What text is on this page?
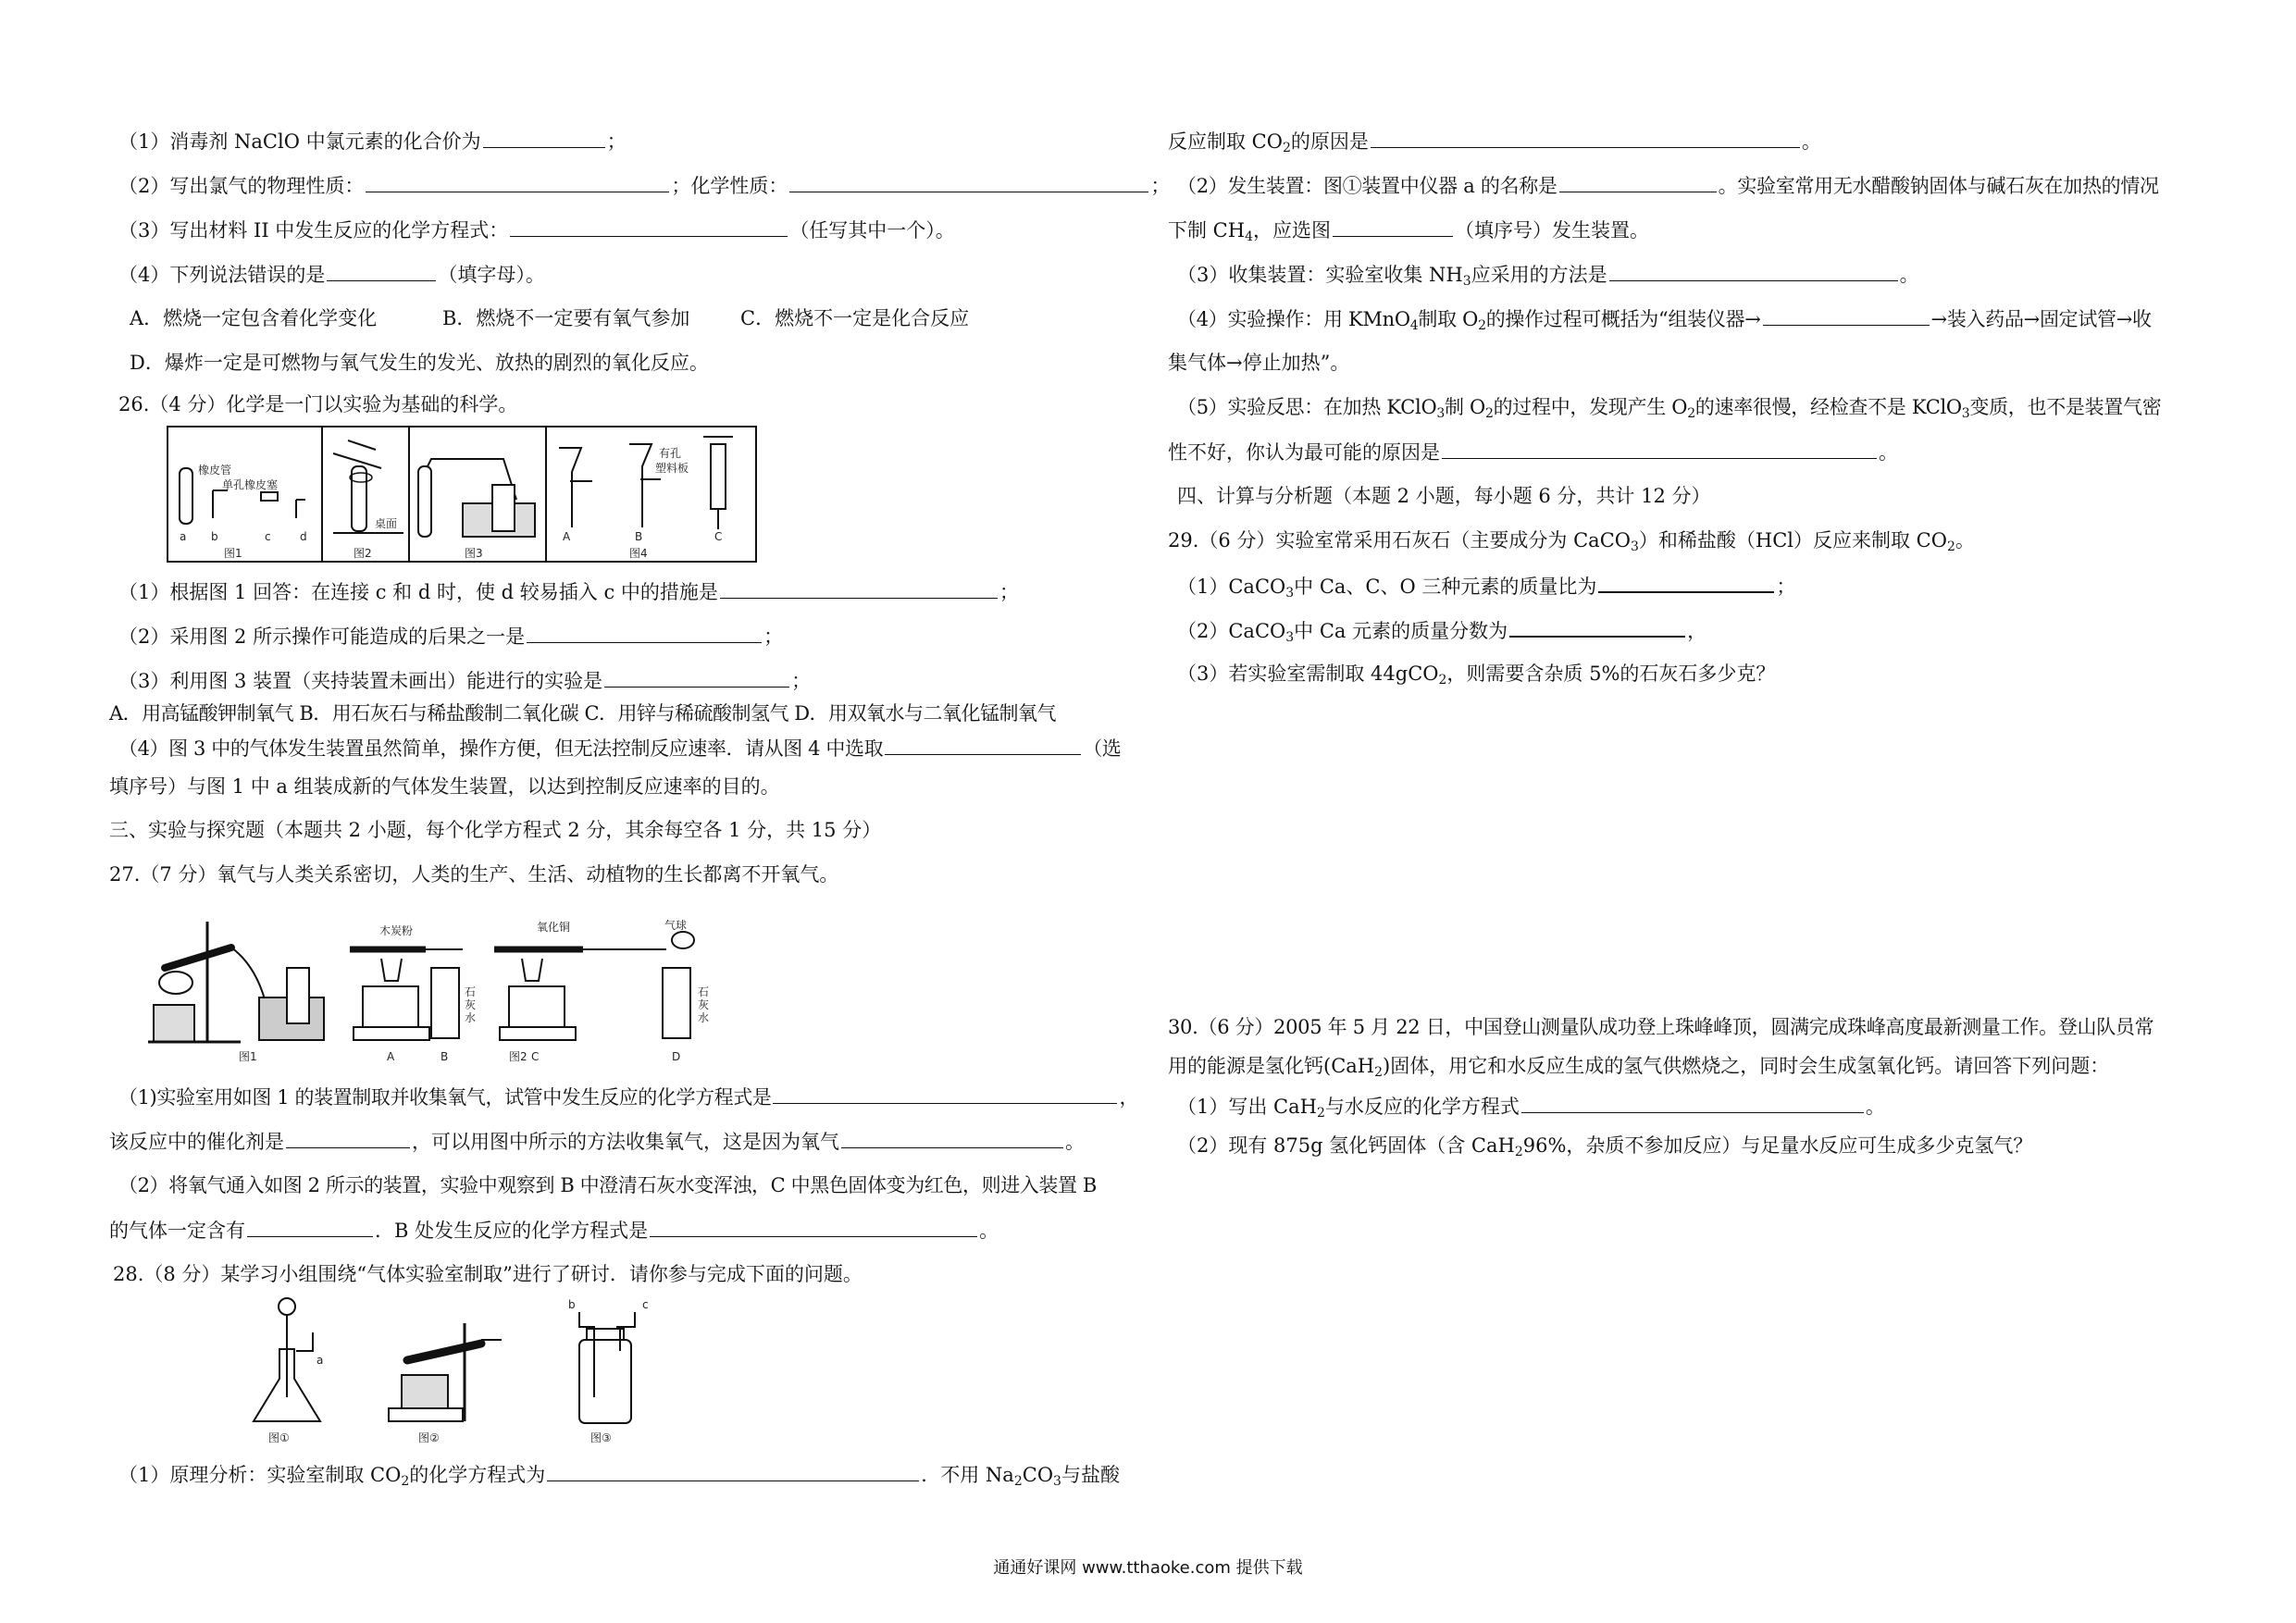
（1）消毒剂 NaClO 中氯元素的化合价为	；
（2）写出氯气的物理性质：	；化学性质：	；
（3）写出材料 II 中发生反应的化学方程式：	（任写其中一个）。
（4）下列说法错误的是	（填字母）。
A．燃烧一定包含着化学变化	B．燃烧不一定要有氧气参加	C．燃烧不一定是化合反应
D．爆炸一定是可燃物与氧气发生的发光、放热的剧烈的氧化反应。
26.（4 分）化学是一门以实验为基础的科学。
橡皮管
单孔橡皮塞
a b	c	d
图1
桌面
图2	图3
有孔
塑料板
A	B	C
图4
（1）根据图 1 回答：在连接 c 和 d 时，使 d 较易插入 c 中的措施是	；
（2）采用图 2 所示操作可能造成的后果之一是	；
（3）利用图 3 装置（夹持装置未画出）能进行的实验是	；
A．用高锰酸钾制氧气 B．用石灰石与稀盐酸制二氧化碳 C．用锌与稀硫酸制氢气 D．用双氧水与二氧化锰制氧气
（4）图 3 中的气体发生装置虽然简单，操作方便，但无法控制反应速率．请从图 4 中选取	（选
填序号）与图 1 中 a 组装成新的气体发生装置，以达到控制反应速率的目的。
三、实验与探究题（本题共 2 小题，每个化学方程式 2 分，其余每空各 1 分，共 15 分）
27.（7 分）氧气与人类关系密切，人类的生产、生活、动植物的生长都离不开氧气。
图1
木炭粉
A
石
灰
水
B	图2
氧化铜
C
气球
石
灰
水
D
（1)实验室用如图 1 的装置制取并收集氧气，试管中发生反应的化学方程式是	，
该反应中的催化剂是	，可以用图中所示的方法收集氧气，这是因为氧气	。
（2）将氧气通入如图 2 所示的装置，实验中观察到 B 中澄清石灰水变浑浊，C 中黑色固体变为红色，则进入装置 B
的气体一定含有	．B 处发生反应的化学方程式是	。
28.（8 分）某学习小组围绕“气体实验室制取”进行了研讨．请你参与完成下面的问题。
a
图①	图②
b	c
图③
（1）原理分析：实验室制取 $CO_2$的化学方程式为	．不用 $Na_2CO_3$与盐酸
反应制取 $CO_2$的原因是	。
（2）发生装置：图①装置中仪器 a 的名称是	。实验室常用无水醋酸钠固体与碱石灰在加热的情况
下制 $CH_4$，应选图	（填序号）发生装置。
（3）收集装置：实验室收集 $NH_3$应采用的方法是	。
（4）实验操作：用 KMnO$_4$制取 $O_2$的操作过程可概括为“组装仪器→	→装入药品→固定试管→收
集气体→停止加热”。
（5）实验反思：在加热 KClO$_3$制 $O_2$的过程中，发现产生 $O_2$的速率很慢，经检查不是 KClO$_3$变质，也不是装置气密
性不好，你认为最可能的原因是	。
四、计算与分析题（本题 2 小题，每小题 6 分，共计 12 分）
29.（6 分）实验室常采用石灰石（主要成分为 CaCO$_3$）和稀盐酸（HCl）反应来制取 $CO_2$。
（1）CaCO$_3$中 Ca、C、O 三种元素的质量比为	；
（2）CaCO$_3$中 Ca 元素的质量分数为	，
（3）若实验室需制取 44gCO$_2$，则需要含杂质 5%的石灰石多少克？
30.（6 分）2005 年 5 月 22 日，中国登山测量队成功登上珠峰峰顶，圆满完成珠峰高度最新测量工作。登山队员常
用的能源是氢化钙(CaH$_2$)固体，用它和水反应生成的氢气供燃烧之，同时会生成氢氧化钙。请回答下列问题：
（1）写出 CaH$_2$与水反应的化学方程式	。
（2）现有 875g 氢化钙固体（含 CaH$_2$96%，杂质不参加反应）与足量水反应可生成多少克氢气？
通通好课网 www.tthaoke.com 提供下载
